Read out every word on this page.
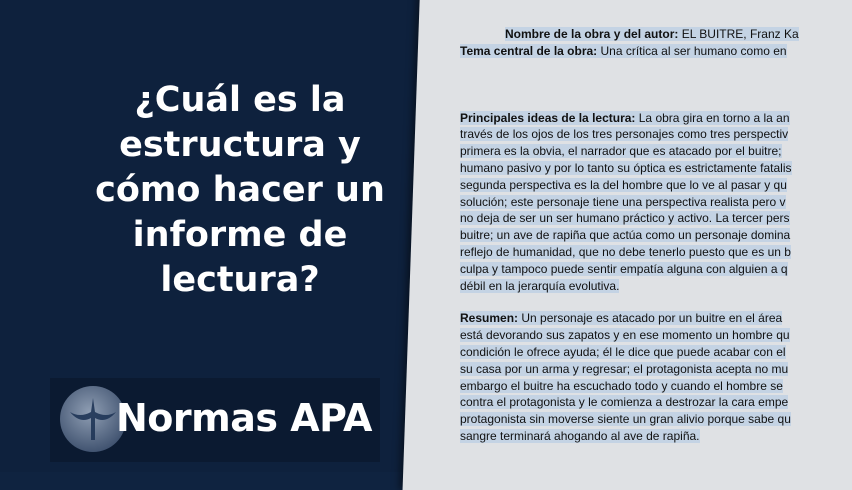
¿Cuál es la
estructura y
cómo hacer un
informe de
lectura?
Normas APA
Nombre de la obra y del autor: EL BUITRE, Franz Ka
Tema central de la obra: Una crítica al ser humano como en
Principales ideas de la lectura: La obra gira en torno a la an
través de los ojos de los tres personajes como tres perspectiv
primera es la obvia, el narrador que es atacado por el buitre;
humano pasivo y por lo tanto su óptica es estrictamente fatalis
segunda perspectiva es la del hombre que lo ve al pasar y qu
solución; este personaje tiene una perspectiva realista pero v
no deja de ser un ser humano práctico y activo. La tercer pers
buitre; un ave de rapiña que actúa como un personaje domina
reflejo de humanidad, que no debe tenerlo puesto que es un b
culpa y tampoco puede sentir empatía alguna con alguien a q
débil en la jerarquía evolutiva.
Resumen: Un personaje es atacado por un buitre en el área
está devorando sus zapatos y en ese momento un hombre qu
condición le ofrece ayuda; él le dice que puede acabar con el
su casa por un arma y regresar; el protagonista acepta no mu
embargo el buitre ha escuchado todo y cuando el hombre se
contra el protagonista y le comienza a destrozar la cara empe
protagonista sin moverse siente un gran alivio porque sabe qu
sangre terminará ahogando al ave de rapiña.
